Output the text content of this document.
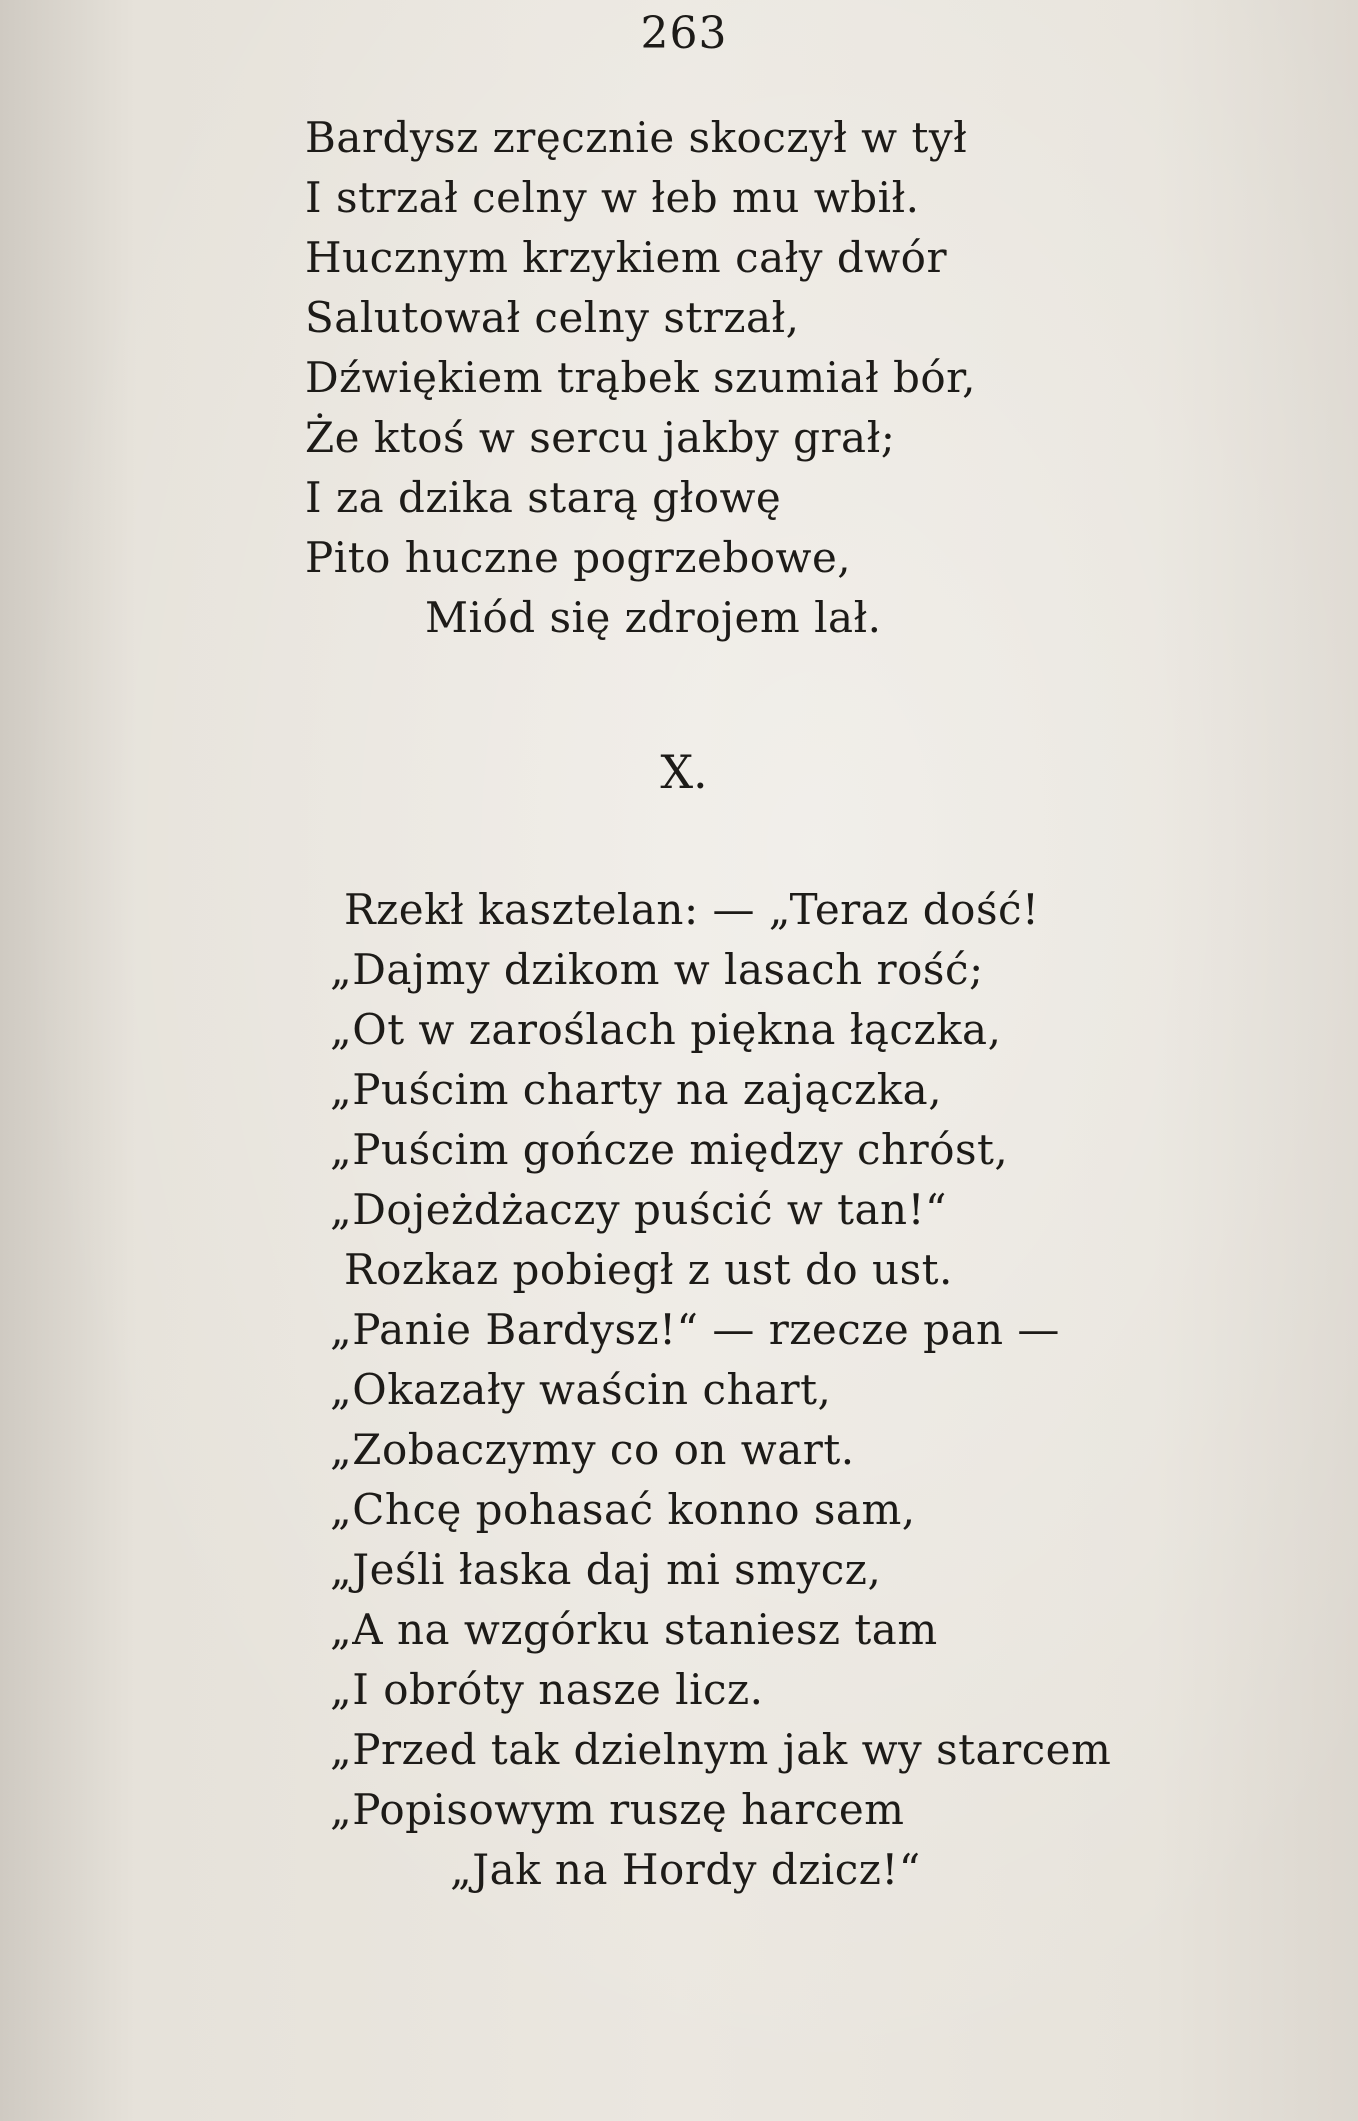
263
Bardysz zręcznie skoczył w tył
I strzał celny w łeb mu wbił.
Hucznym krzykiem cały dwór
Salutował celny strzał,
Dźwiękiem trąbek szumiał bór,
Że ktoś w sercu jakby grał;
I za dzika starą głowę
Pito huczne pogrzebowe,
Miód się zdrojem lał.
X.
Rzekł kasztelan: — „Teraz dość!
„Dajmy dzikom w lasach rość;
„Ot w zaroślach piękna łączka,
„Puścim charty na zajączka,
„Puścim gończe między chróst,
„Dojeżdżaczy puścić w tan!“
Rozkaz pobiegł z ust do ust.
„Panie Bardysz!“ — rzecze pan —
„Okazały waścin chart,
„Zobaczymy co on wart.
„Chcę pohasać konno sam,
„Jeśli łaska daj mi smycz,
„A na wzgórku staniesz tam
„I obróty nasze licz.
„Przed tak dzielnym jak wy starcem
„Popisowym ruszę harcem
„Jak na Hordy dzicz!“
